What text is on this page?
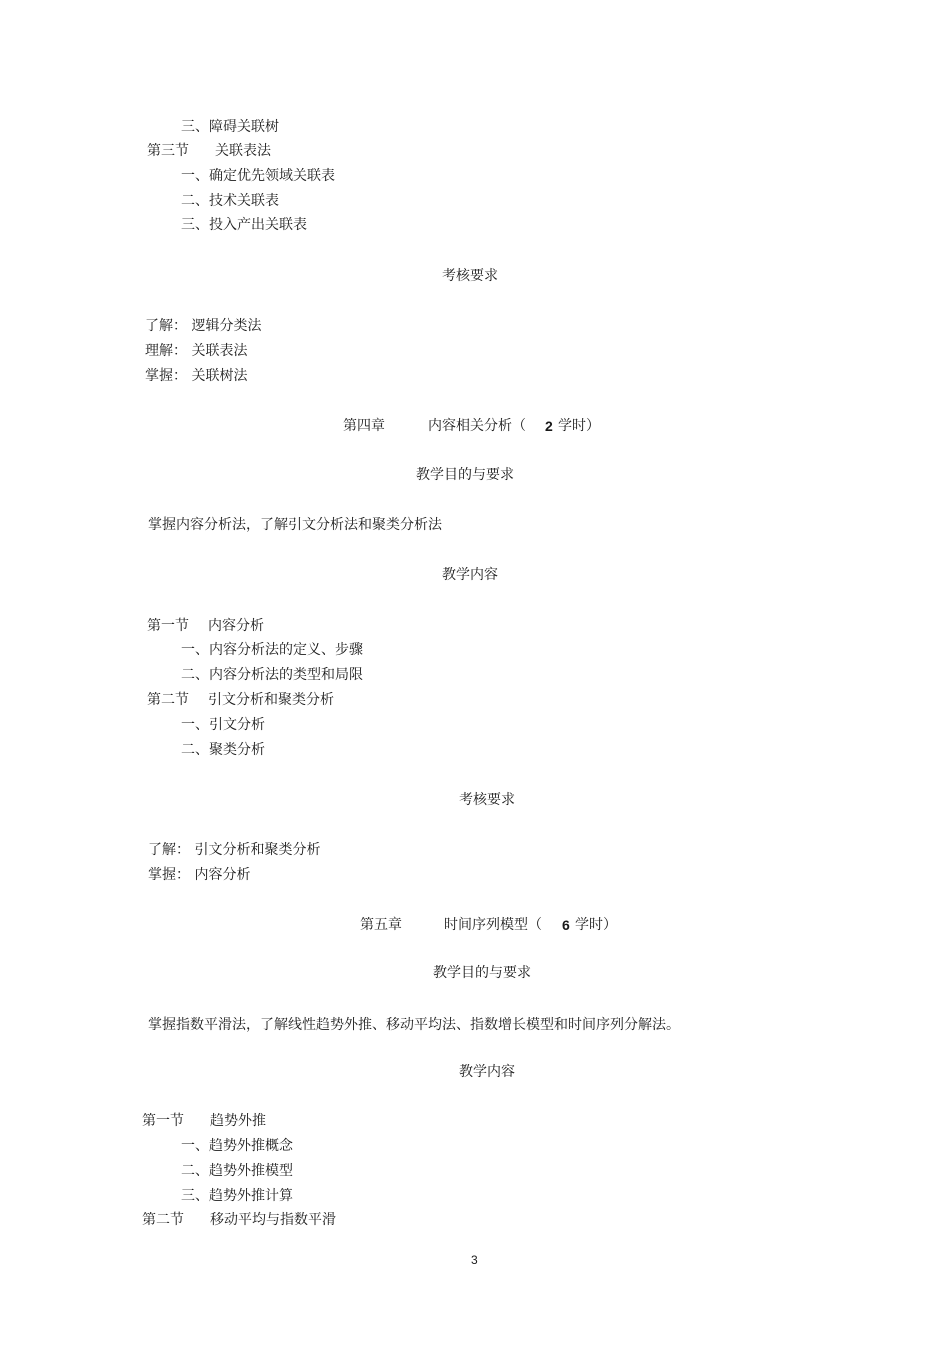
三、障碍关联树
第三节 关联表法
一、确定优先领域关联表
二、技术关联表
三、投入产出关联表
考核要求
了解： 逻辑分类法
理解： 关联表法
掌握： 关联树法
第四章	内容相关分析（ 2 学时）
教学目的与要求
掌握内容分析法，了解引文分析法和聚类分析法
教学内容
第一节 内容分析
一、内容分析法的定义、步骤
二、内容分析法的类型和局限
第二节 引文分析和聚类分析
一、引文分析
二、聚类分析
考核要求
了解： 引文分析和聚类分析
掌握： 内容分析
第五章	时间序列模型（ 6 学时）
教学目的与要求
掌握指数平滑法，了解线性趋势外推、移动平均法、指数增长模型和时间序列分解法。
教学内容
第一节 趋势外推
一、趋势外推概念
二、趋势外推模型
三、趋势外推计算
第二节 移动平均与指数平滑
3
